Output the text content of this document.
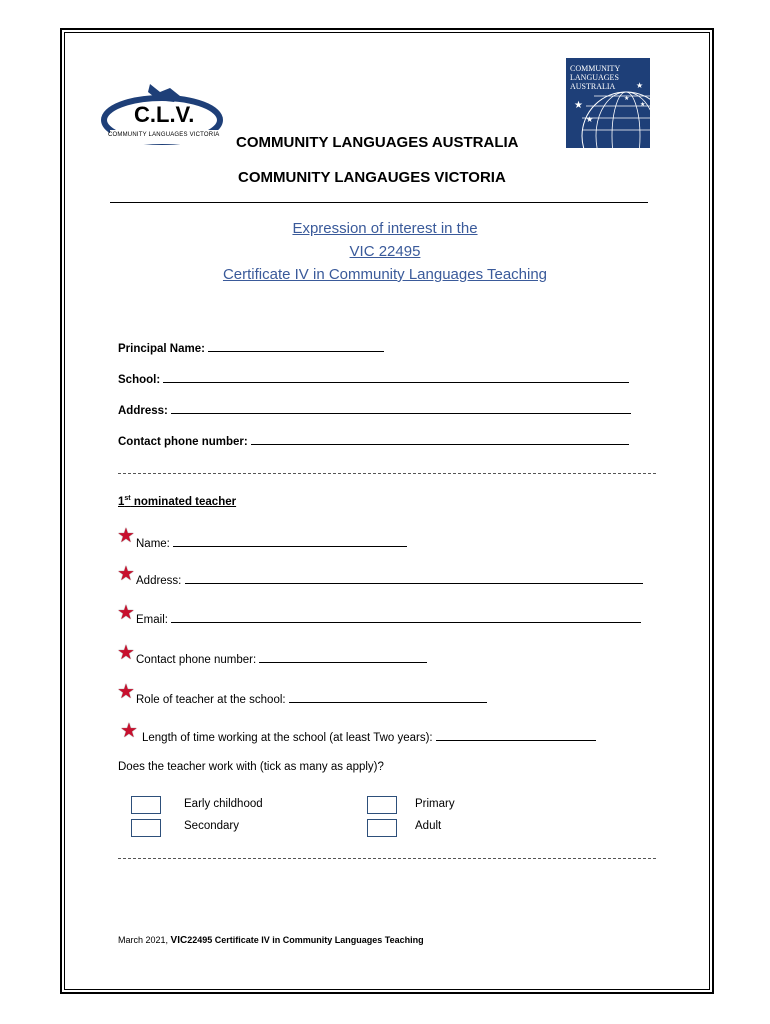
C.L.V.
COMMUNITY LANGUAGES VICTORIA
★
★
★
★
★
COMMUNITY LANGUAGES AUSTRALIA
COMMUNITY LANGUAGES AUSTRALIA
COMMUNITY LANGAUGES VICTORIA
Expression of interest in the
VIC 22495
Certificate IV in Community Languages Teaching
Principal Name:
School:
Address:
Contact phone number:
1st nominated teacher
★ Name:
★ Address:
★ Email:
★ Contact phone number:
★ Role of teacher at the school:
★ Length of time working at the school (at least Two years):
Does the teacher work with (tick as many as apply)?
Early childhood	Primary
Secondary	Adult
March 2021, VIC22495 Certificate IV in Community Languages Teaching
